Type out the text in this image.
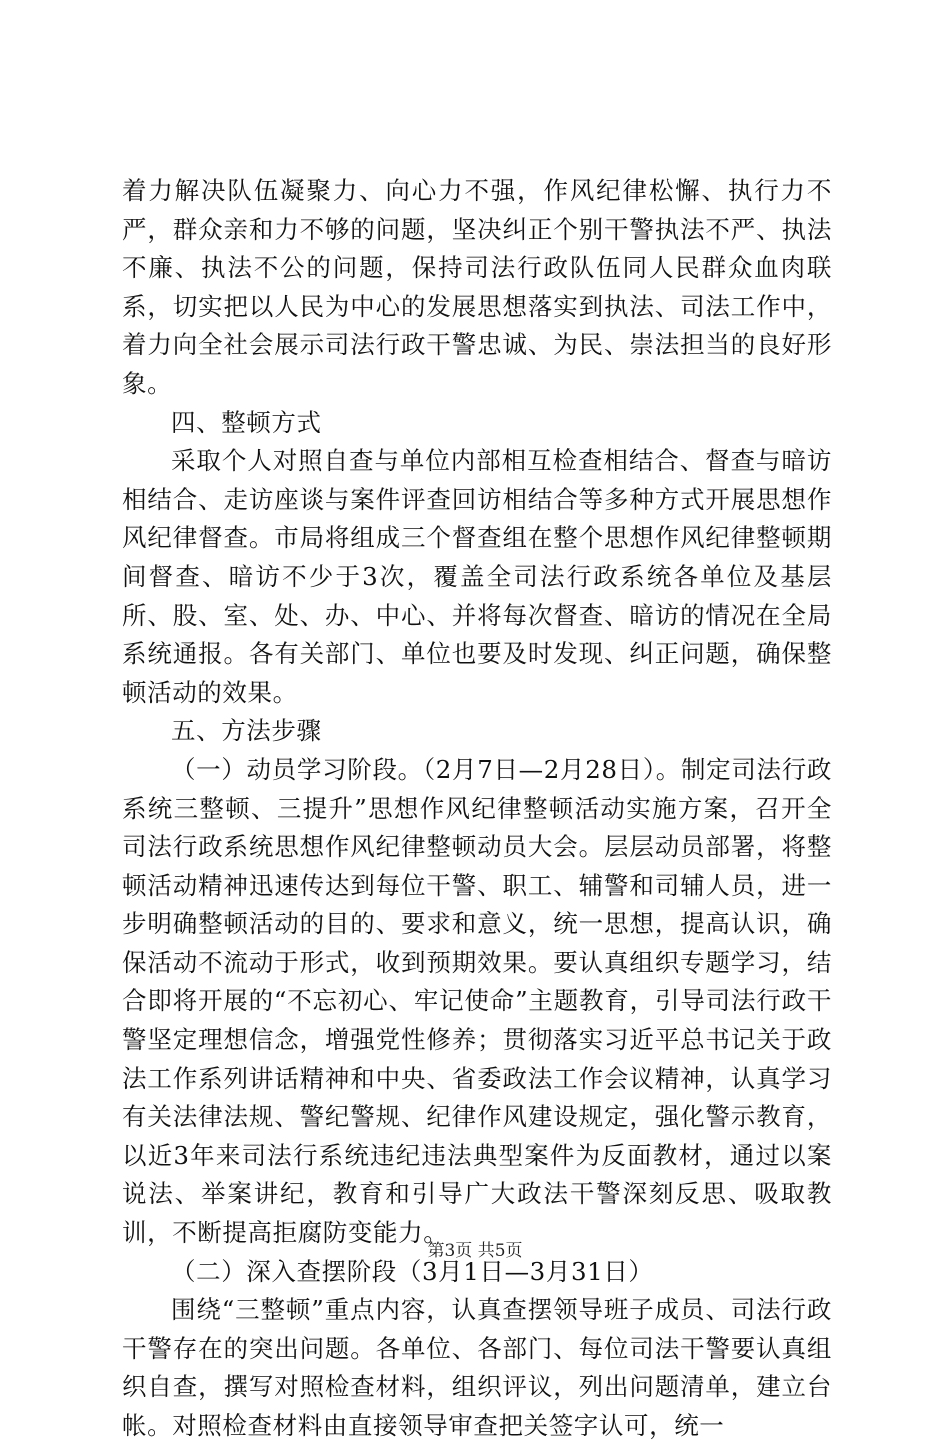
着力解决队伍凝聚力、向心力不强，作风纪律松懈、执行力不严，群众亲和力不够的问题，坚决纠正个别干警执法不严、执法不廉、执法不公的问题，保持司法行政队伍同人民群众血肉联系，切实把以人民为中心的发展思想落实到执法、司法工作中，着力向全社会展示司法行政干警忠诚、为民、崇法担当的良好形象。

四、整顿方式

采取个人对照自查与单位内部相互检查相结合、督查与暗访相结合、走访座谈与案件评查回访相结合等多种方式开展思想作风纪律督查。市局将组成三个督查组在整个思想作风纪律整顿期间督查、暗访不少于3次，覆盖全司法行政系统各单位及基层所、股、室、处、办、中心、并将每次督查、暗访的情况在全局系统通报。各有关部门、单位也要及时发现、纠正问题，确保整顿活动的效果。

五、方法步骤

（一）动员学习阶段。（2月7日—2月28日）。制定司法行政系统三整顿、三提升”思想作风纪律整顿活动实施方案，召开全司法行政系统思想作风纪律整顿动员大会。层层动员部署，将整顿活动精神迅速传达到每位干警、职工、辅警和司辅人员，进一步明确整顿活动的目的、要求和意义，统一思想，提高认识，确保活动不流动于形式，收到预期效果。要认真组织专题学习，结合即将开展的“不忘初心、牢记使命”主题教育，引导司法行政干警坚定理想信念，增强党性修养；贯彻落实习近平总书记关于政法工作系列讲话精神和中央、省委政法工作会议精神，认真学习有关法律法规、警纪警规、纪律作风建设规定，强化警示教育，以近3年来司法行系统违纪违法典型案件为反面教材，通过以案说法、举案讲纪，教育和引导广大政法干警深刻反思、吸取教训，不断提高拒腐防变能力。

（二）深入查摆阶段（3月1日—3月31日）

围绕“三整顿”重点内容，认真查摆领导班子成员、司法行政干警存在的突出问题。各单位、各部门、每位司法干警要认真组织自查，撰写对照检查材料，组织评议，列出问题清单，建立台帐。对照检查材料由直接领导审查把关签字认可，统一

第3页 共5页
